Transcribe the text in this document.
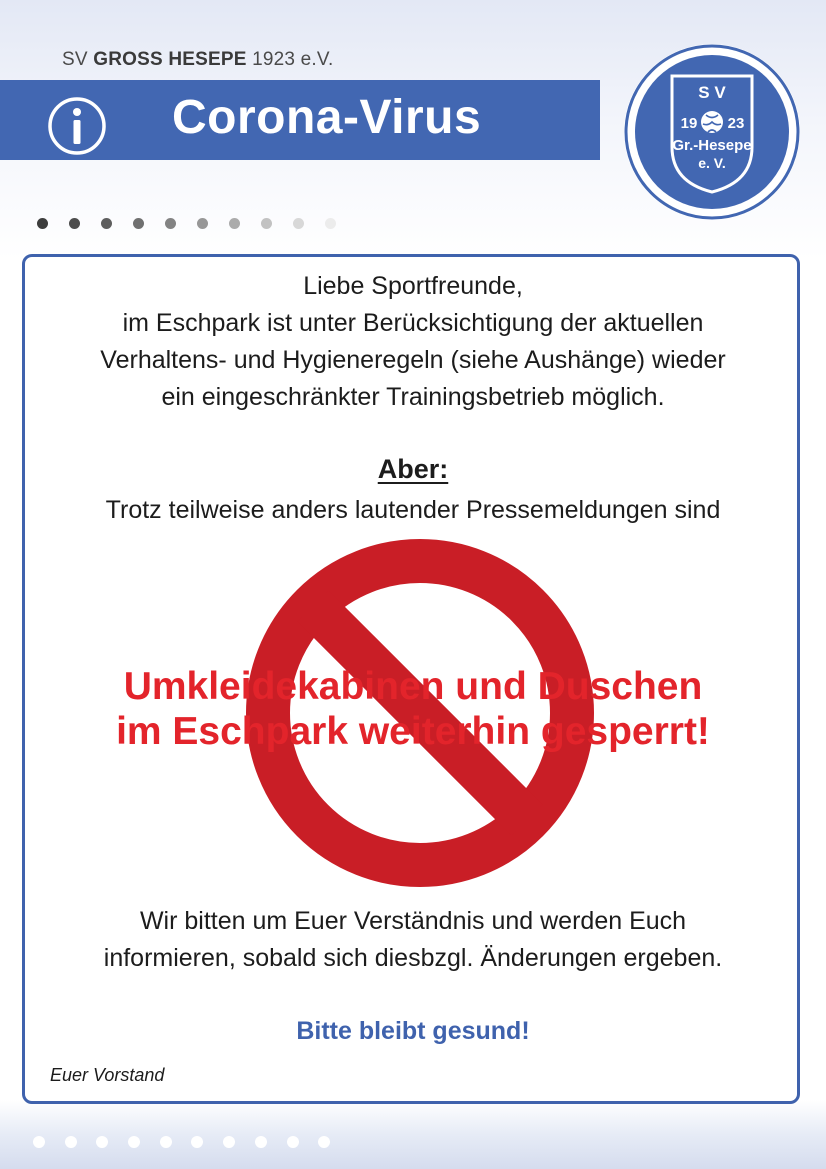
SV GROSS HESEPE 1923 e.V.
Corona-Virus	S V
19 23
Gr.-Hesepe
e. V.
Liebe Sportfreunde,
im Eschpark ist unter Berücksichtigung der aktuellen
Verhaltens- und Hygieneregeln (siehe Aushänge) wieder
ein eingeschränkter Trainingsbetrieb möglich.
Aber:
Trotz teilweise anders lautender Pressemeldungen sind
Umkleidekabinen und Duschen
im Eschpark weiterhin gesperrt!
Wir bitten um Euer Verständnis und werden Euch
informieren, sobald sich diesbzgl. Änderungen ergeben.
Bitte bleibt gesund!
Euer Vorstand
